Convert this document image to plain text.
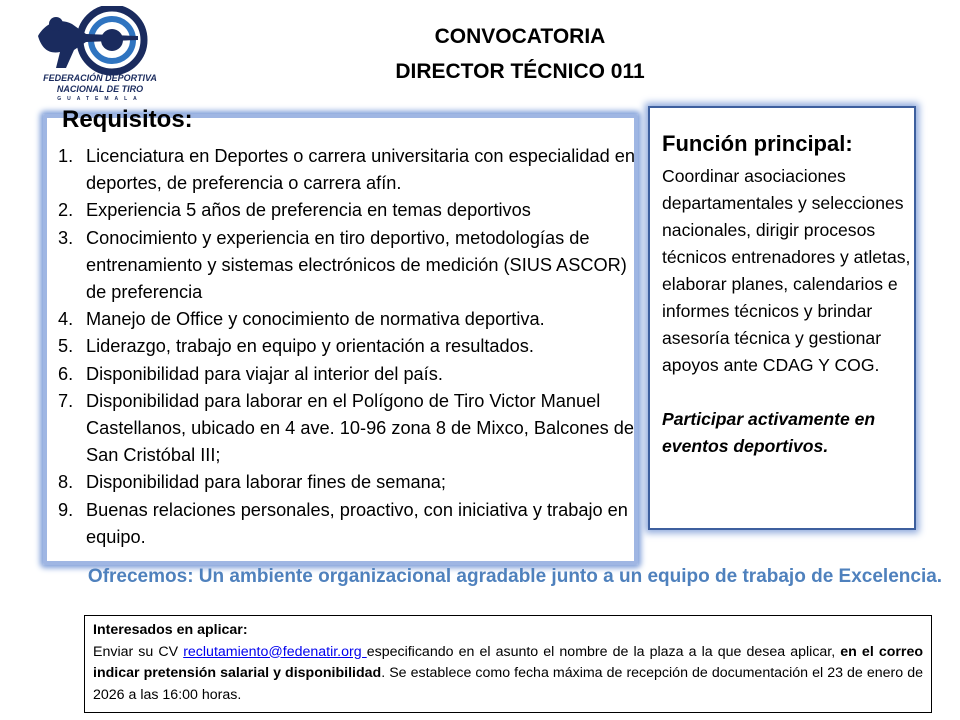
FEDERACIÓN DEPORTIVA
NACIONAL DE TIRO
GUATEMALA
CONVOCATORIA
DIRECTOR TÉCNICO 011
Requisitos:
1. Licenciatura en Deportes o carrera universitaria con especialidad en deportes, de preferencia o carrera afín.
2. Experiencia 5 años de preferencia en temas deportivos
3. Conocimiento y experiencia en tiro deportivo, metodologías de entrenamiento y sistemas electrónicos de medición (SIUS ASCOR) de preferencia
4. Manejo de Office y conocimiento de normativa deportiva.
5. Liderazgo, trabajo en equipo y orientación a resultados.
6. Disponibilidad para viajar al interior del país.
7. Disponibilidad para laborar en el Polígono de Tiro Victor Manuel Castellanos, ubicado en 4 ave. 10-96 zona 8 de Mixco, Balcones de San Cristóbal III;
8. Disponibilidad para laborar fines de semana;
9. Buenas relaciones personales, proactivo, con iniciativa y trabajo en equipo.
Función principal:

Coordinar asociaciones departamentales y selecciones nacionales, dirigir procesos técnicos entrenadores y atletas, elaborar planes, calendarios e informes técnicos y brindar asesoría técnica y gestionar apoyos ante CDAG Y COG.

Participar activamente en eventos deportivos.

Ofrecemos: Un ambiente organizacional agradable junto a un equipo de trabajo de Excelencia.
Interesados en aplicar:

Enviar su CV reclutamiento@fedenatir.org especificando en el asunto el nombre de la plaza a la que desea aplicar, en el correo indicar pretensión salarial y disponibilidad. Se establece como fecha máxima de recepción de documentación el 23 de enero de 2026 a las 16:00 horas.
